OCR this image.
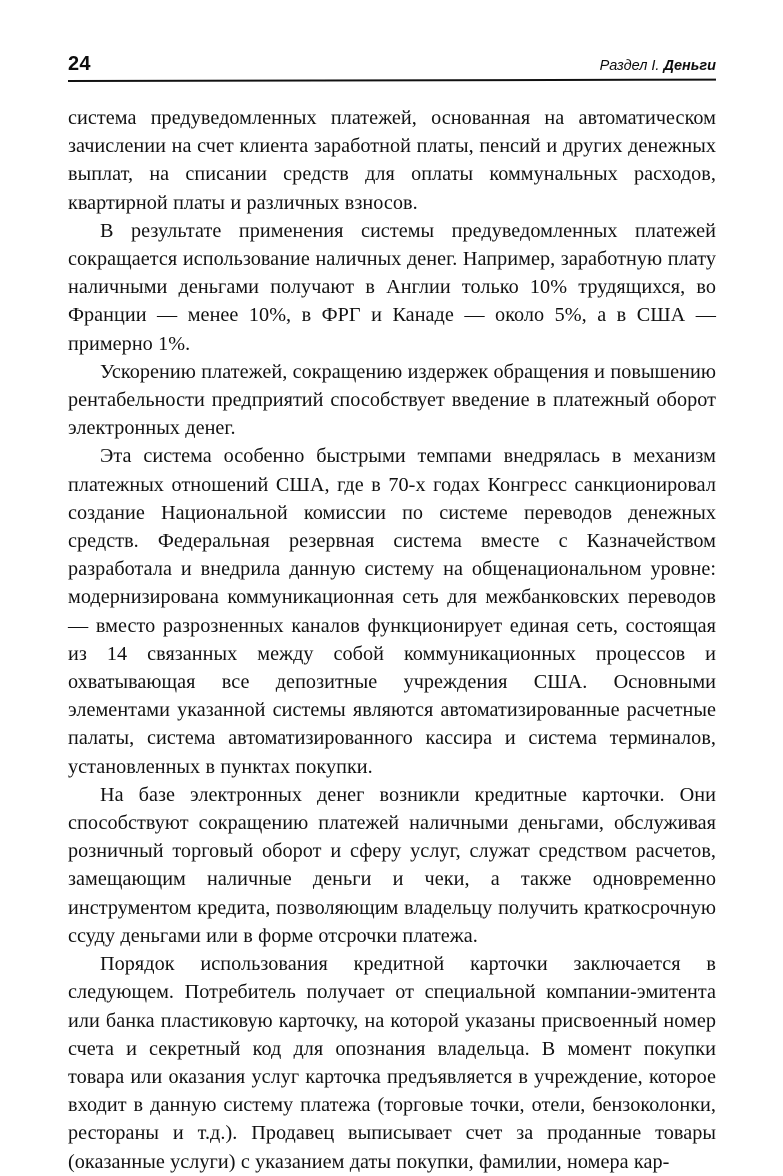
24	Раздел I. Деньги

система предуведомленных платежей, основанная на автоматическом зачислении на счет клиента заработной платы, пенсий и других денежных выплат, на списании средств для оплаты коммунальных расходов, квартирной платы и различных взносов.

В результате применения системы предуведомленных платежей сокращается использование наличных денег. Например, заработную плату наличными деньгами получают в Англии только 10% трудящихся, во Франции — менее 10%, в ФРГ и Канаде — около 5%, а в США — примерно 1%.

Ускорению платежей, сокращению издержек обращения и повышению рентабельности предприятий способствует введение в платежный оборот электронных денег.

Эта система особенно быстрыми темпами внедрялась в механизм платежных отношений США, где в 70-х годах Конгресс санкционировал создание Национальной комиссии по системе переводов денежных средств. Федеральная резервная система вместе с Казначейством разработала и внедрила данную систему на общенациональном уровне: модернизирована коммуникационная сеть для межбанковских переводов — вместо разрозненных каналов функционирует единая сеть, состоящая из 14 связанных между собой коммуникационных процессов и охватывающая все депозитные учреждения США. Основными элементами указанной системы являются автоматизированные расчетные палаты, система автоматизированного кассира и система терминалов, установленных в пунктах покупки.

На базе электронных денег возникли кредитные карточки. Они способствуют сокращению платежей наличными деньгами, обслуживая розничный торговый оборот и сферу услуг, служат средством расчетов, замещающим наличные деньги и чеки, а также одновременно инструментом кредита, позволяющим владельцу получить краткосрочную ссуду деньгами или в форме отсрочки платежа.

Порядок использования кредитной карточки заключается в следующем. Потребитель получает от специальной компании-эмитента или банка пластиковую карточку, на которой указаны присвоенный номер счета и секретный код для опознания владельца. В момент покупки товара или оказания услуг карточка предъявляется в учреждение, которое входит в данную систему платежа (торговые точки, отели, бензоколонки, рестораны и т.д.). Продавец выписывает счет за проданные товары (оказанные услуги) с указанием даты покупки, фамилии, номера кар-
